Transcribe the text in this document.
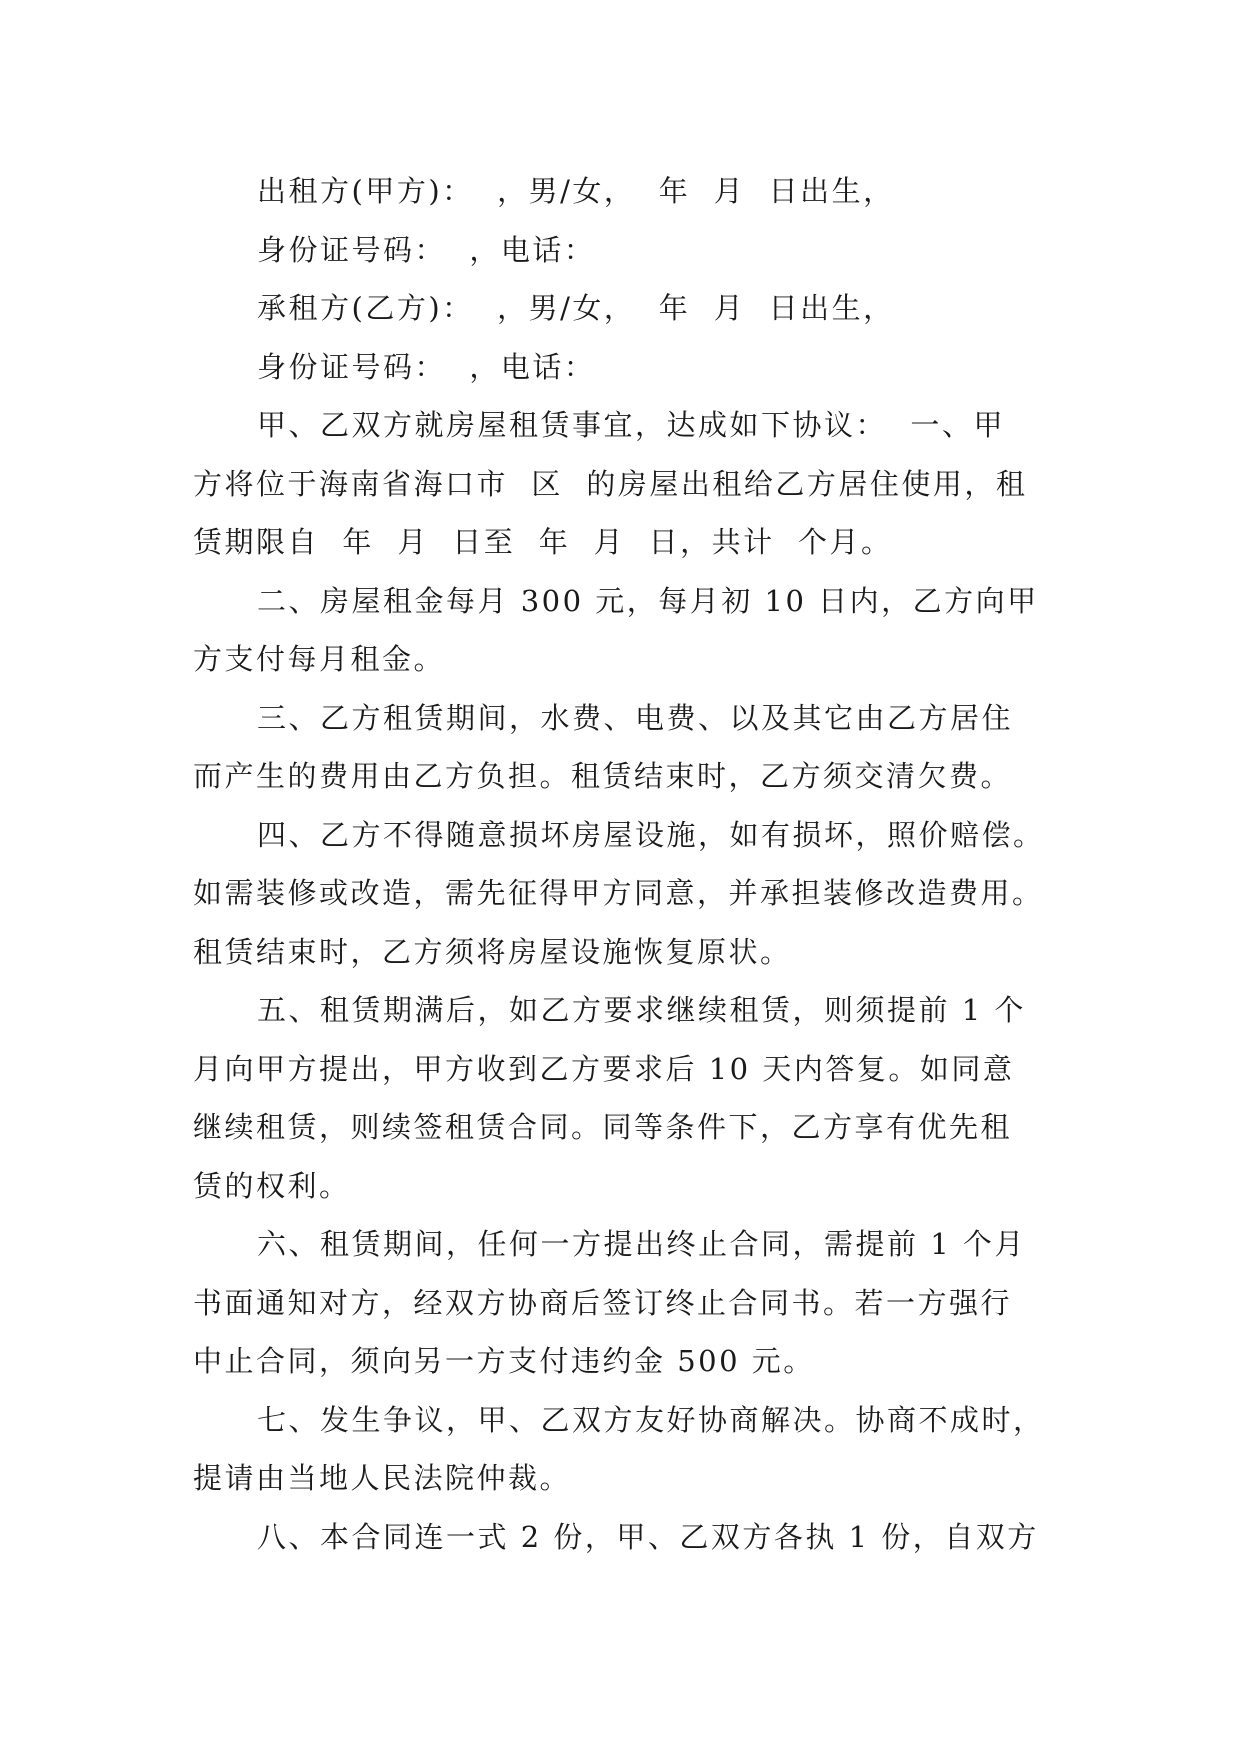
出租方(甲方)：  ，男/女，  年  月  日出生，
身份证号码：  ，电话：
承租方(乙方)：  ，男/女，  年  月  日出生，
身份证号码：  ，电话：
甲、乙双方就房屋租赁事宜，达成如下协议：  一、甲
方将位于海南省海口市  区  的房屋出租给乙方居住使用，租
赁期限自  年  月  日至  年  月  日，共计  个月。
二、房屋租金每月 300 元，每月初 10 日内，乙方向甲
方支付每月租金。
三、乙方租赁期间，水费、电费、以及其它由乙方居住
而产生的费用由乙方负担。租赁结束时，乙方须交清欠费。
四、乙方不得随意损坏房屋设施，如有损坏，照价赔偿。
如需装修或改造，需先征得甲方同意，并承担装修改造费用。
租赁结束时，乙方须将房屋设施恢复原状。
五、租赁期满后，如乙方要求继续租赁，则须提前 1 个
月向甲方提出，甲方收到乙方要求后 10 天内答复。如同意
继续租赁，则续签租赁合同。同等条件下，乙方享有优先租
赁的权利。
六、租赁期间，任何一方提出终止合同，需提前 1 个月
书面通知对方，经双方协商后签订终止合同书。若一方强行
中止合同，须向另一方支付违约金 500 元。
七、发生争议，甲、乙双方友好协商解决。协商不成时，
提请由当地人民法院仲裁。
八、本合同连一式 2 份，甲、乙双方各执 1 份，自双方
